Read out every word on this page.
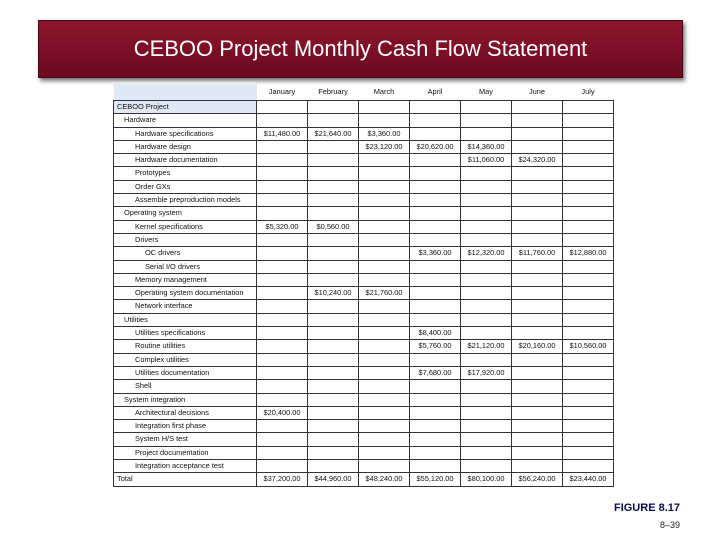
CEBOO Project Monthly Cash Flow Statement
	January	February	March	April	May	June	July
CEBOO Project							
Hardware							
Hardware specifications	$11,480.00	$21,640.00	$3,360.00				
Hardware design			$23,120.00	$20,620.00	$14,360.00		
Hardware documentation					$11,060.00	$24,320.00	
Prototypes							
Order GXs							
Assemble preproduction models							
Operating system							
Kernel specifications	$5,320.00	$0,560.00					
Drivers							
OC drivers				$3,360.00	$12,320.00	$11,760.00	$12,880.00
Serial I/O drivers							
Memory management							
Operating system documentation		$10,240.00	$21,760.00				
Network interface							
Utilities							
Utilities specifications				$8,400.00			
Routine utilities				$5,760.00	$21,120.00	$20,160.00	$10,560.00
Complex utilities							
Utilities documentation				$7,680.00	$17,920.00		
Shell							
System integration							
Architectural decisions	$20,400.00						
Integration first phase							
System H/S test							
Project documentation							
Integration acceptance test							
Total	$37,200.00	$44,960.00	$48,240.00	$55,120.00	$80,100.00	$56,240.00	$23,440.00
FIGURE 8.17
8–39
